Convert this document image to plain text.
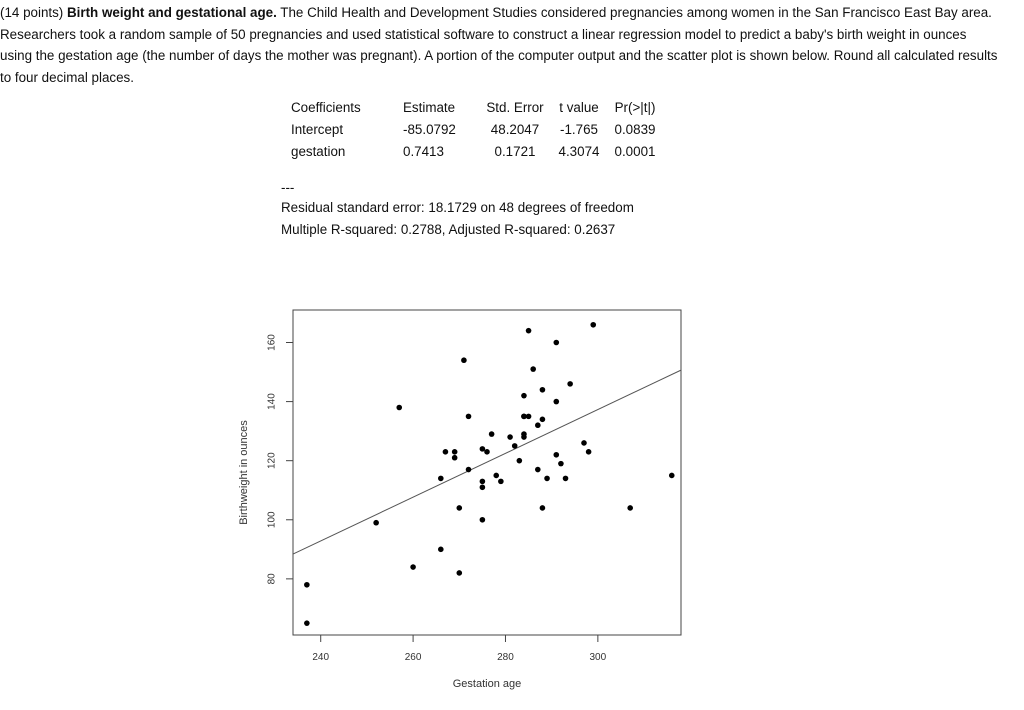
(14 points) Birth weight and gestational age. The Child Health and Development Studies considered pregnancies among women in the San Francisco East Bay area. Researchers took a random sample of 50 pregnancies and used statistical software to construct a linear regression model to predict a baby's birth weight in ounces using the gestation age (the number of days the mother was pregnant). A portion of the computer output and the scatter plot is shown below. Round all calculated results to four decimal places.
Coefficients	Estimate	Std. Error	t value	Pr(>|t|)
Intercept	-85.0792	48.2047	-1.765	0.0839
gestation	0.7413	0.1721	4.3074	0.0001
---
Residual standard error: 18.1729 on 48 degrees of freedom
Multiple R-squared: 0.2788, Adjusted R-squared: 0.2637
240	260	280	300
80
100
120
140
160
Gestation age
Birthweight in ounces
